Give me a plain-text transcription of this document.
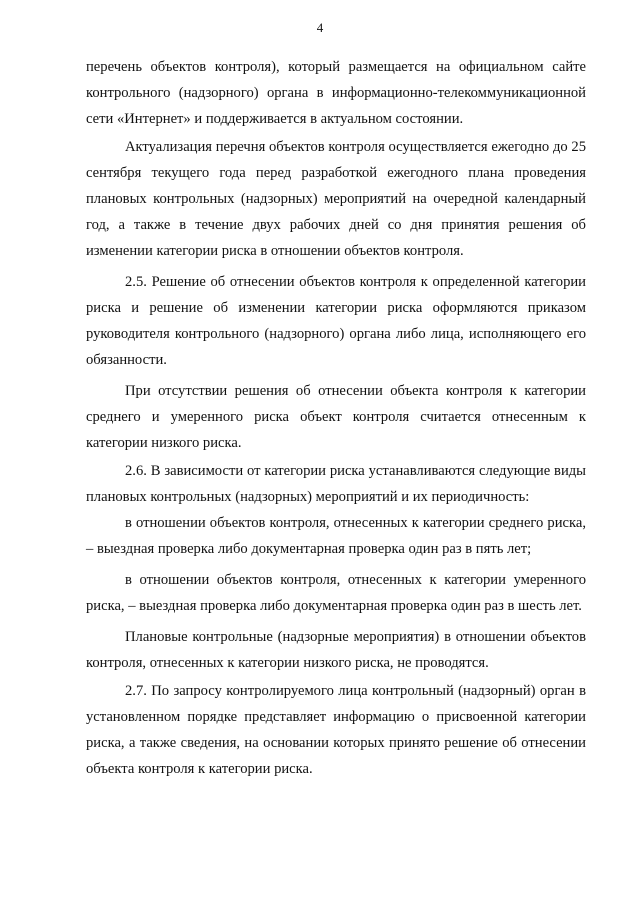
4

перечень объектов контроля), который размещается на официальном сайте контрольного (надзорного) органа в информационно-телекоммуникационной сети «Интернет» и поддерживается в актуальном состоянии.

Актуализация перечня объектов контроля осуществляется ежегодно до 25 сентября текущего года перед разработкой ежегодного плана проведения плановых контрольных (надзорных) мероприятий на очередной календарный год, а также в течение двух рабочих дней со дня принятия решения об изменении категории риска в отношении объектов контроля.

2.5. Решение об отнесении объектов контроля к определенной категории риска и решение об изменении категории риска оформляются приказом руководителя контрольного (надзорного) органа либо лица, исполняющего его обязанности.

При отсутствии решения об отнесении объекта контроля к категории среднего и умеренного риска объект контроля считается отнесенным к категории низкого риска.

2.6. В зависимости от категории риска устанавливаются следующие виды плановых контрольных (надзорных) мероприятий и их периодичность:

в отношении объектов контроля, отнесенных к категории среднего риска, – выездная проверка либо документарная проверка один раз в пять лет;

в отношении объектов контроля, отнесенных к категории умеренного риска, – выездная проверка либо документарная проверка один раз в шесть лет.

Плановые контрольные (надзорные мероприятия) в отношении объектов контроля, отнесенных к категории низкого риска, не проводятся.

2.7. По запросу контролируемого лица контрольный (надзорный) орган в установленном порядке представляет информацию о присвоенной категории риска, а также сведения, на основании которых принято решение об отнесении объекта контроля к категории риска.
